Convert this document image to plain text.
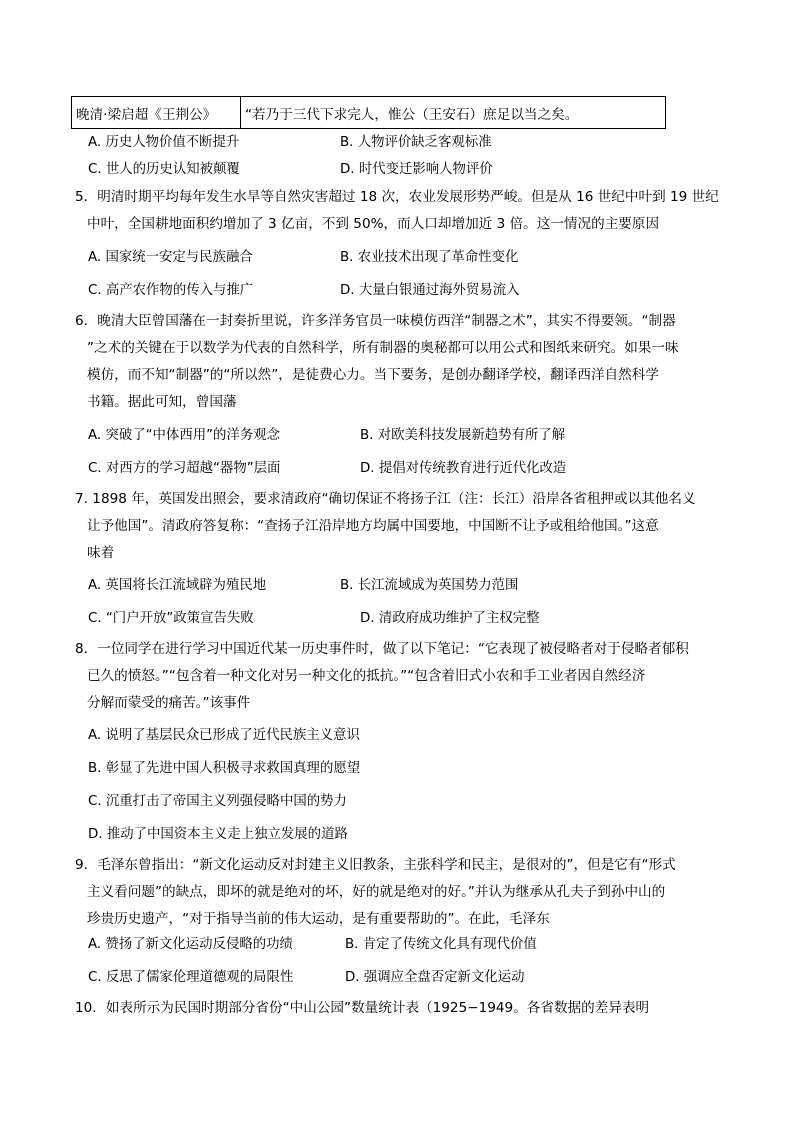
晚清·梁启超《王荆公》	“若乃于三代下求完人，惟公（王安石）庶足以当之矣。
A. 历史人物价值不断提升	B. 人物评价缺乏客观标准
C. 世人的历史认知被颠覆	D. 时代变迁影响人物评价
5．明清时期平均每年发生水旱等自然灾害超过 18 次，农业发展形势严峻。但是从 16 世纪中叶到 19 世纪
中叶，全国耕地面积约增加了 3 亿亩，不到 50%，而人口却增加近 3 倍。这一情况的主要原因
A. 国家统一安定与民族融合	B. 农业技术出现了革命性变化
C. 高产农作物的传入与推广	D. 大量白银通过海外贸易流入
6．晚清大臣曾国藩在一封奏折里说，许多洋务官员一味模仿西洋“制器之术”，其实不得要领。“制器
”之术的关键在于以数学为代表的自然科学，所有制器的奥秘都可以用公式和图纸来研究。如果一味
模仿，而不知“制器”的“所以然”，是徒费心力。当下要务，是创办翻译学校，翻译西洋自然科学
书籍。据此可知，曾国藩
A. 突破了“中体西用”的洋务观念	B. 对欧美科技发展新趋势有所了解
C. 对西方的学习超越“器物”层面	D. 提倡对传统教育进行近代化改造
7. 1898 年，英国发出照会，要求清政府“确切保证不将扬子江（注：长江）沿岸各省租押或以其他名义
让予他国”。清政府答复称：“查扬子江沿岸地方均属中国要地，中国断不让予或租给他国。”这意
味着
A. 英国将长江流域辟为殖民地	B. 长江流域成为英国势力范围
C. “门户开放”政策宣告失败	D. 清政府成功维护了主权完整
8．一位同学在进行学习中国近代某一历史事件时，做了以下笔记：“它表现了被侵略者对于侵略者郁积
已久的愤怒。”“包含着一种文化对另一种文化的抵抗。”“包含着旧式小农和手工业者因自然经济
分解而蒙受的痛苦。”该事件
A. 说明了基层民众已形成了近代民族主义意识
B. 彰显了先进中国人积极寻求救国真理的愿望
C. 沉重打击了帝国主义列强侵略中国的势力
D. 推动了中国资本主义走上独立发展的道路
9．毛泽东曾指出：“新文化运动反对封建主义旧教条，主张科学和民主，是很对的”，但是它有“形式
主义看问题”的缺点，即坏的就是绝对的坏，好的就是绝对的好。”并认为继承从孔夫子到孙中山的
珍贵历史遗产，“对于指导当前的伟大运动，是有重要帮助的”。在此，毛泽东
A. 赞扬了新文化运动反侵略的功绩	B. 肯定了传统文化具有现代价值
C. 反思了儒家伦理道德观的局限性	D. 强调应全盘否定新文化运动
10．如表所示为民国时期部分省份“中山公园”数量统计表（1925−1949。各省数据的差异表明
